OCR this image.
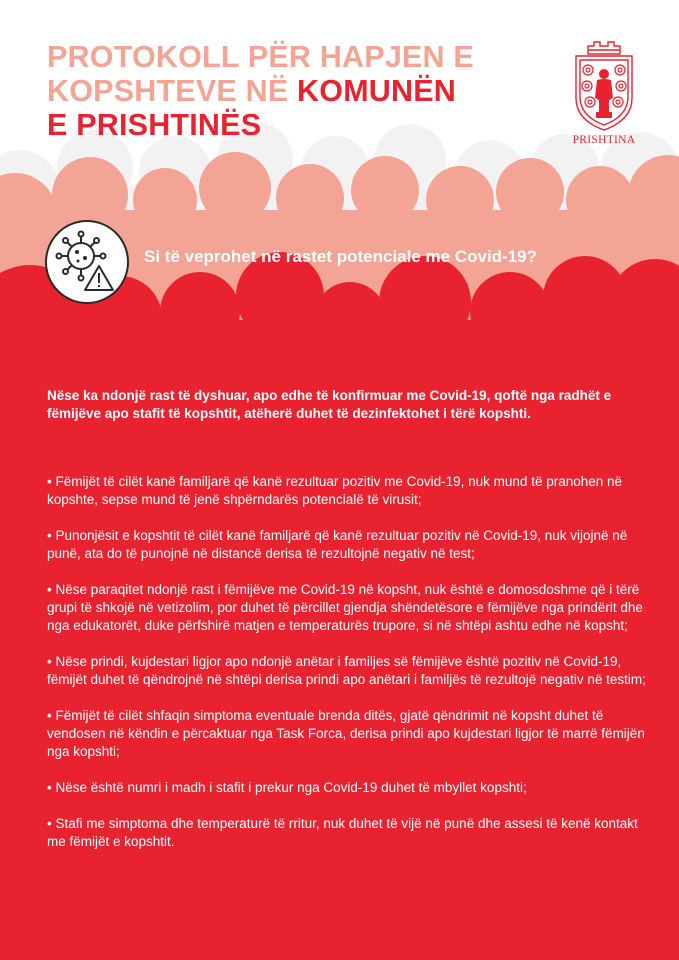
PROTOKOLL PËR HAPJEN E
KOPSHTEVE NË KOMUNËN
E PRISHTINËS	PRISHTINA

Si të veprohet në rastet potenciale me Covid-19?

Nëse ka ndonjë rast të dyshuar, apo edhe të konfirmuar me Covid-19, qoftë nga radhët e fëmijëve apo stafit të kopshtit, atëherë duhet të dezinfektohet i tërë kopshti.

• Fëmijët të cilët kanë familjarë që kanë rezultuar pozitiv me Covid-19, nuk mund të pranohen në kopshte, sepse mund të jenë shpërndarës potencialë të virusit;
• Punonjësit e kopshtit të cilët kanë familjarë që kanë rezultuar pozitiv në Covid-19, nuk vijojnë në punë, ata do të punojnë në distancë derisa të rezultojnë negativ në test;
• Nëse paraqitet ndonjë rast i fëmijëve me Covid-19 në kopsht, nuk është e domosdoshme që i tërë grupi të shkojë në vetizolim, por duhet të përcillet gjendja shëndetësore e fëmijëve nga prindërit dhe nga edukatorët, duke përfshirë matjen e temperaturës trupore, si në shtëpi ashtu edhe në kopsht;
• Nëse prindi, kujdestari ligjor apo ndonjë anëtar i familjes së fëmijëve është pozitiv në Covid-19, fëmijët duhet të qëndrojnë në shtëpi derisa prindi apo anëtari i familjës të rezultojë negativ në testim;
• Fëmijët të cilët shfaqin simptoma eventuale brenda ditës, gjatë qëndrimit në kopsht duhet të vendosen në këndin e përcaktuar nga Task Forca, derisa prindi apo kujdestari ligjor të marrë fëmijën nga kopshti;
• Nëse është numri i madh i stafit i prekur nga Covid-19 duhet të mbyllet kopshti;
• Stafi me simptoma dhe temperaturë të rritur, nuk duhet të vijë në punë dhe assesi të kenë kontakt me fëmijët e kopshtit.
